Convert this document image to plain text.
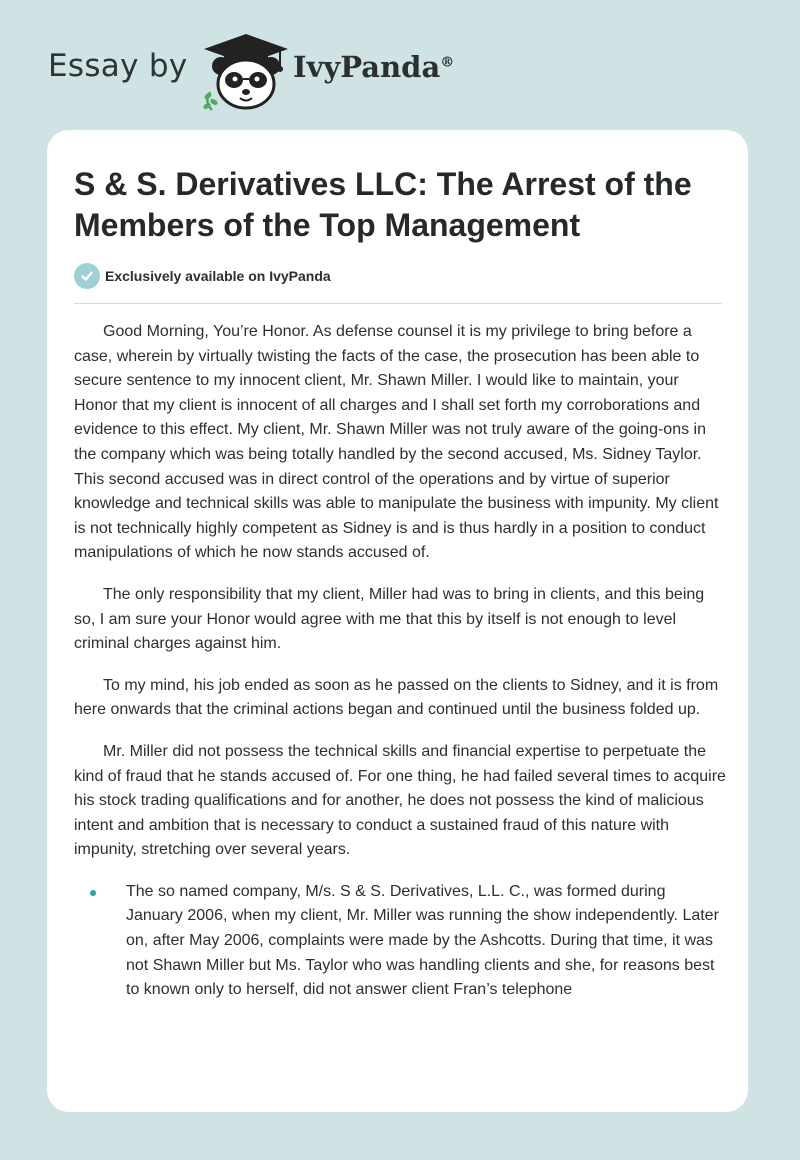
Essay by	IvyPanda®
S & S. Derivatives LLC: The Arrest of the Members of the Top Management
Exclusively available on IvyPanda

Good Morning, You’re Honor. As defense counsel it is my privilege to bring before a case, wherein by virtually twisting the facts of the case, the prosecution has been able to secure sentence to my innocent client, Mr. Shawn Miller. I would like to maintain, your Honor that my client is innocent of all charges and I shall set forth my corroborations and evidence to this effect. My client, Mr. Shawn Miller was not truly aware of the going-ons in the company which was being totally handled by the second accused, Ms. Sidney Taylor. This second accused was in direct control of the operations and by virtue of superior knowledge and technical skills was able to manipulate the business with impunity. My client is not technically highly competent as Sidney is and is thus hardly in a position to conduct manipulations of which he now stands accused of.

The only responsibility that my client, Miller had was to bring in clients, and this being so, I am sure your Honor would agree with me that this by itself is not enough to level criminal charges against him.

To my mind, his job ended as soon as he passed on the clients to Sidney, and it is from here onwards that the criminal actions began and continued until the business folded up.

Mr. Miller did not possess the technical skills and financial expertise to perpetuate the kind of fraud that he stands accused of. For one thing, he had failed several times to acquire his stock trading qualifications and for another, he does not possess the kind of malicious intent and ambition that is necessary to conduct a sustained fraud of this nature with impunity, stretching over several years.

The so named company, M/s. S & S. Derivatives, L.L. C., was formed during January 2006, when my client, Mr. Miller was running the show independently. Later on, after May 2006, complaints were made by the Ashcotts. During that time, it was not Shawn Miller but Ms. Taylor who was handling clients and she, for reasons best to known only to herself, did not answer client Fran’s telephone
